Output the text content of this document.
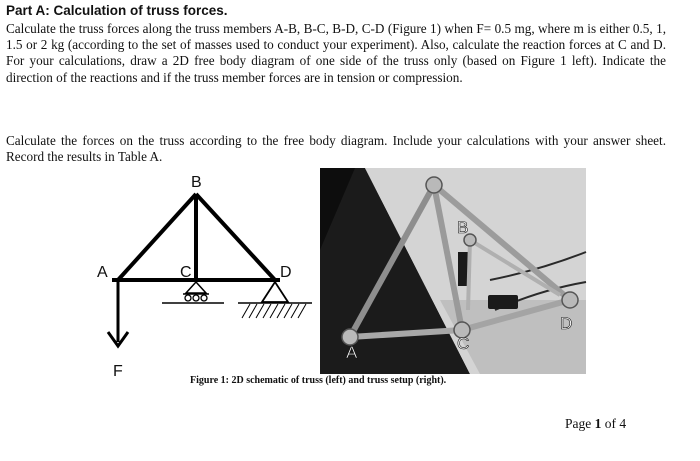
Part A: Calculation of truss forces.

Calculate the truss forces along the truss members A-B, B-C, B-D, C-D (Figure 1) when F= 0.5 mg, where m is either 0.5, 1, 1.5 or 2 kg (according to the set of masses used to conduct your experiment). Also, calculate the reaction forces at C and D. For your calculations, draw a 2D free body diagram of one side of the truss only (based on Figure 1 left). Indicate the direction of the reactions and if the truss member forces are in tension or compression.

Calculate the forces on the truss according to the free body diagram. Include your calculations with your answer sheet. Record the results in Table A.

B
A	C	D
F
B
A	C
D
Figure 1: 2D schematic of truss (left) and truss setup (right).
Page 1 of 4
